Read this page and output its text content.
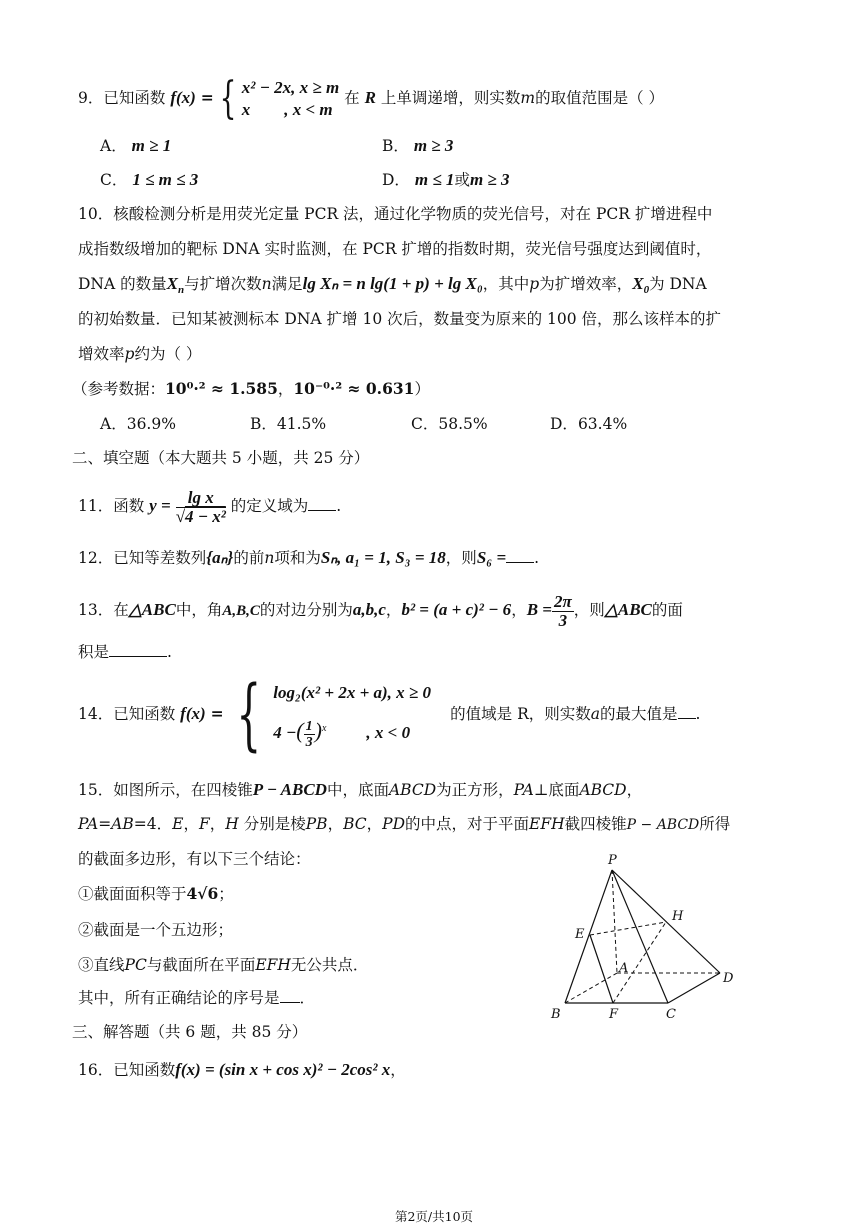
9．已知函数 f(x) = { x² − 2x, x ≥ m
x        , x < m
在 R 上单调递增，则实数m的取值范围是（ ）
A． m ≥ 1	B． m ≥ 3
C． 1 ≤ m ≤ 3	D． m ≤ 1或m ≥ 3
10．核酸检测分析是用荧光定量 PCR 法，通过化学物质的荧光信号，对在 PCR 扩增进程中
成指数级增加的靶标 DNA 实时监测，在 PCR 扩增的指数时期，荧光信号强度达到阈值时，
DNA 的数量$X_n$与扩增次数n满足lg Xₙ = n lg(1 + p) + lg X₀，其中p为扩增效率，$X_0$为 DNA
的初始数量．已知某被测标本 DNA 扩增 10 次后，数量变为原来的 100 倍，那么该样本的扩
增效率p约为（ ）
（参考数据：10⁰·² ≈ 1.585，10⁻⁰·² ≈ 0.631）
A．36.9%	B．41.5%	C．58.5%	D．63.4%
二、填空题（本大题共 5 小题，共 25 分）
11．函数 $y = \frac{\text{lg x}}{\text{√4 − x²}}$ 的定义域为 .
12．已知等差数列{aₙ}的前n项和为Sₙ, a₁ = 1, S₃ = 18，则S₆ = .
13．在△ABC中，角A,B,C的对边分别为a,b,c，b² = (a + c)² − 6，$B = \frac{2\pi}{3}$ ，则△ABC的面
积是	.
14．已知函数 f(x) = { log₂(x² + 2x + a), x ≥ 0
4 −( $\frac{1}{3} )^x$ , x < 0
的值域是 R，则实数a的最大值是 .
15．如图所示，在四棱锥P − ABCD中，底面ABCD为正方形，PA⊥底面ABCD，
PA=AB=4．E，F，H 分别是棱PB，BC，PD的中点，对于平面EFH截四棱锥P − ABCD所得
的截面多边形，有以下三个结论：
①截面面积等于4√6；
②截面是一个五边形；
③直线PC与截面所在平面EFH无公共点．
其中，所有正确结论的序号是 ．
P
H
E
A
D
B	F	C
三、解答题（共 6 题，共 85 分）
16．已知函数f(x) = (sin x + cos x)² − 2cos² x，
第2页/共10页
